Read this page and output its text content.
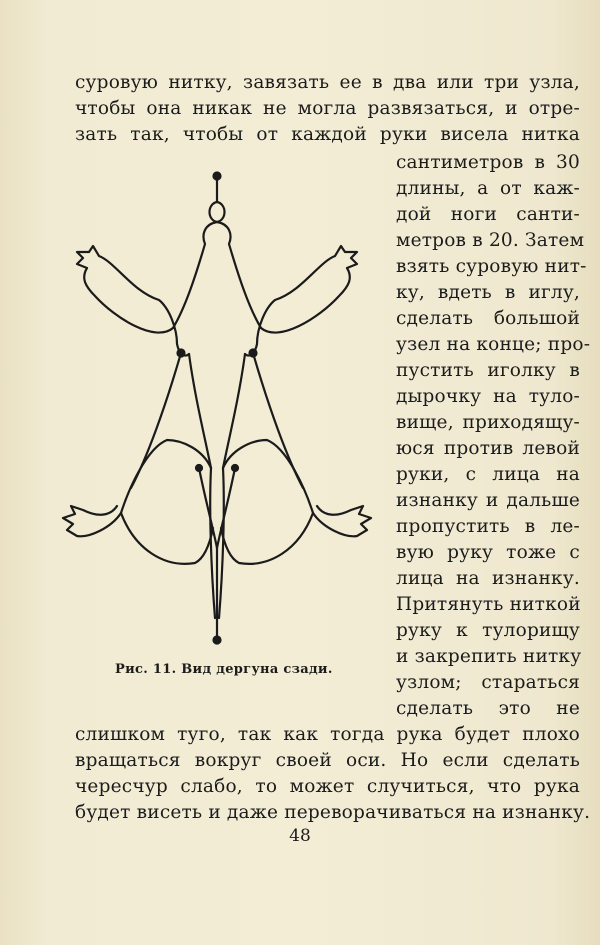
суровую нитку, завязать ее в два или три узла,
чтобы она никак не могла развязаться, и отре-
зать так, чтобы от каждой руки висела нитка
сантиметров в 30
длины, а от каж-
дой ноги санти-
метров в 20. Затем
взять суровую нит-
ку, вдеть в иглу,
сделать большой
узел на конце; про-
пустить иголку в
дырочку на туло-
вище, приходящу-
юся против левой
руки, с лица на
изнанку и дальше
пропустить в ле-
вую руку тоже с
лица на изнанку.
Притянуть ниткой
руку к тулорищу
и закрепить нитку
узлом; стараться
сделать это не
слишком туго, так как тогда рука будет плохо
вращаться вокруг своей оси. Но если сделать
чересчур слабо, то может случиться, что рука
будет висеть и даже переворачиваться на изнанку.
Рис. 11. Вид дергуна сзади.
48
